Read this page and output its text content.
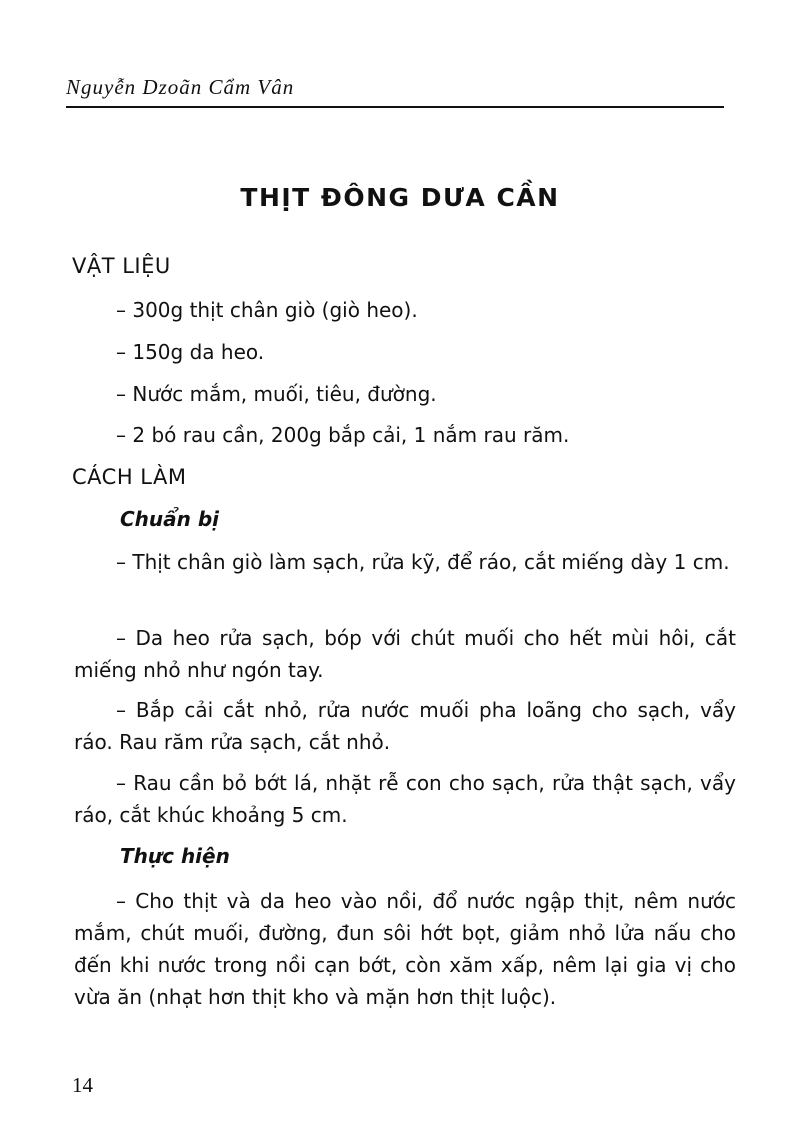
Nguyễn Dzoãn Cẩm Vân
THỊT ĐÔNG DƯA CẦN
VẬT LIỆU
– 300g thịt chân giò (giò heo).
– 150g da heo.
– Nước mắm, muối, tiêu, đường.
– 2 bó rau cần, 200g bắp cải, 1 nắm rau răm.
CÁCH LÀM
Chuẩn bị
– Thịt chân giò làm sạch, rửa kỹ, để ráo, cắt miếng dày 1 cm.
– Da heo rửa sạch, bóp với chút muối cho hết mùi hôi, cắt miếng nhỏ như ngón tay.
– Bắp cải cắt nhỏ, rửa nước muối pha loãng cho sạch, vẩy ráo. Rau răm rửa sạch, cắt nhỏ.
– Rau cần bỏ bớt lá, nhặt rễ con cho sạch, rửa thật sạch, vẩy ráo, cắt khúc khoảng 5 cm.
Thực hiện
– Cho thịt và da heo vào nồi, đổ nước ngập thịt, nêm nước mắm, chút muối, đường, đun sôi hớt bọt, giảm nhỏ lửa nấu cho đến khi nước trong nồi cạn bớt, còn xăm xấp, nêm lại gia vị cho vừa ăn (nhạt hơn thịt kho và mặn hơn thịt luộc).
14
